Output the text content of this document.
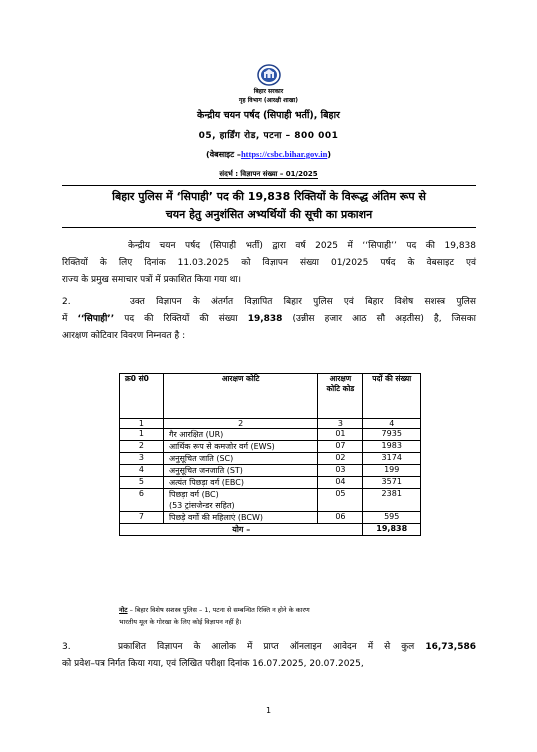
बिहार सरकार
गृह विभाग (आरक्षी शाखा)
केन्द्रीय चयन पर्षद (सिपाही भर्ती), बिहार
05, हार्डिंग रोड, पटना – 800 001
(वेबसाइट –https://csbc.bihar.gov.in)
संदर्भ : विज्ञापन संख्या – 01/2025
बिहार पुलिस में ‘सिपाही’ पद की 19,838 रिक्तियों के विरूद्ध अंतिम रूप से
चयन हेतु अनुशंसित अभ्यर्थियों की सूची का प्रकाशन
केन्द्रीय चयन पर्षद (सिपाही भर्ती) द्वारा वर्ष 2025 में ‘‘सिपाही’’ पद की 19,838
रिक्तियों के लिए दिनांक 11.03.2025 को विज्ञापन संख्या 01/2025 पर्षद के वेबसाइट एवं
राज्य के प्रमुख समाचार पत्रों में प्रकाशित किया गया था।
2.	उक्त विज्ञापन के अंतर्गत विज्ञापित बिहार पुलिस एवं बिहार विशेष सशस्त्र पुलिस
में ‘‘सिपाही’’ पद की रिक्तियों की संख्या 19,838 (उन्नीस हजार आठ सौ अड़तीस) है, जिसका
आरक्षण कोटिवार विवरण निम्नवत है :
क्र0 सं0	आरक्षण कोटि	आरक्षण कोटि कोड	पदों की संख्या
1	2	3	4
1	गैर आरक्षित (UR)	01	7935
2	आर्थिक रूप से कमजोर वर्ग (EWS)	07	1983
3	अनुसूचित जाति (SC)	02	3174
4	अनुसूचित जनजाति (ST)	03	199
5	अत्यंत पिछड़ा वर्ग (EBC)	04	3571
6	पिछड़ा वर्ग (BC)
(53 ट्रांसजेन्डर सहित)	05	2381
7	पिछड़े वर्गो की महिलाएं (BCW)	06	595
योग –			19,838
नोट – बिहार विशेष सशस्त्र पुलिस – 1, पटना से सम्बन्धित रिक्ति न होने के कारण
भारतीय मूल के गोरखा के लिए कोई विज्ञापन नहीं है।
3.	प्रकाशित विज्ञापन के आलोक में प्राप्त ऑनलाइन आवेदन में से कुल 16,73,586
को प्रवेश–पत्र निर्गत किया गया, एवं लिखित परीक्षा दिनांक 16.07.2025, 20.07.2025,
1
